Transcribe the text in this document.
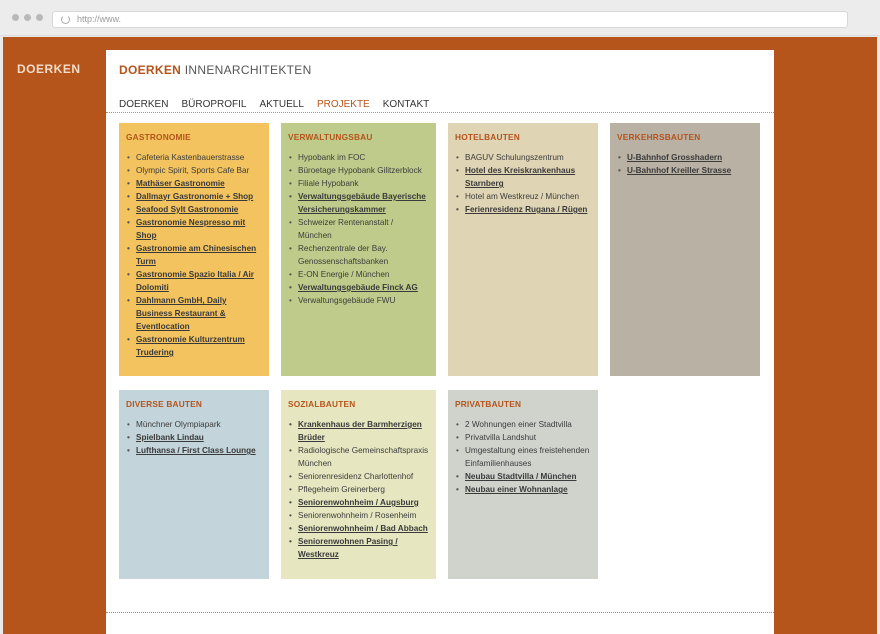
http://www.
DOERKEN	DOERKEN INNENARCHITEKTEN
DOERKEN BÜROPROFIL AKTUELL PROJEKTE KONTAKT
GASTRONOMIE
• Cafeteria Kastenbauerstrasse
• Olympic Spirit, Sports Cafe Bar
• Mathäser Gastronomie
• Dallmayr Gastronomie + Shop
• Seafood Sylt Gastronomie
• Gastronomie Nespresso mit Shop
• Gastronomie am Chinesischen Turm
• Gastronomie Spazio Italia / Air Dolomiti
• Dahlmann GmbH, Daily Business Restaurant & Eventlocation
• Gastronomie Kulturzentrum Trudering
VERWALTUNGSBAU
• Hypobank im FOC
• Büroetage Hypobank Gilitzerblock
• Filiale Hypobank
• Verwaltungsgebäude Bayerische Versicherungskammer
• Schweizer Rentenanstalt / München
• Rechenzentrale der Bay. Genossenschaftsbanken
• E-ON Energie / München
• Verwaltungsgebäude Finck AG
• Verwaltungsgebäude FWU
HOTELBAUTEN
• BAGUV Schulungszentrum
• Hotel des Kreiskrankenhaus Starnberg
• Hotel am Westkreuz / München
• Ferienresidenz Rugana / Rügen
VERKEHRSBAUTEN
• U-Bahnhof Grosshadern
• U-Bahnhof Kreiller Strasse
DIVERSE BAUTEN
• Münchner Olympiapark
• Spielbank Lindau
• Lufthansa / First Class Lounge
SOZIALBAUTEN
• Krankenhaus der Barmherzigen Brüder
• Radiologische Gemeinschaftspraxis München
• Seniorenresidenz Charlottenhof
• Pflegeheim Greinerberg
• Seniorenwohnheim / Augsburg
• Seniorenwohnheim / Rosenheim
• Seniorenwohnheim / Bad Abbach
• Seniorenwohnen Pasing / Westkreuz
PRIVATBAUTEN
• 2 Wohnungen einer Stadtvilla
• Privatvilla Landshut
• Umgestaltung eines freistehenden Einfamilienhauses
• Neubau Stadtvilla / München
• Neubau einer Wohnanlage
